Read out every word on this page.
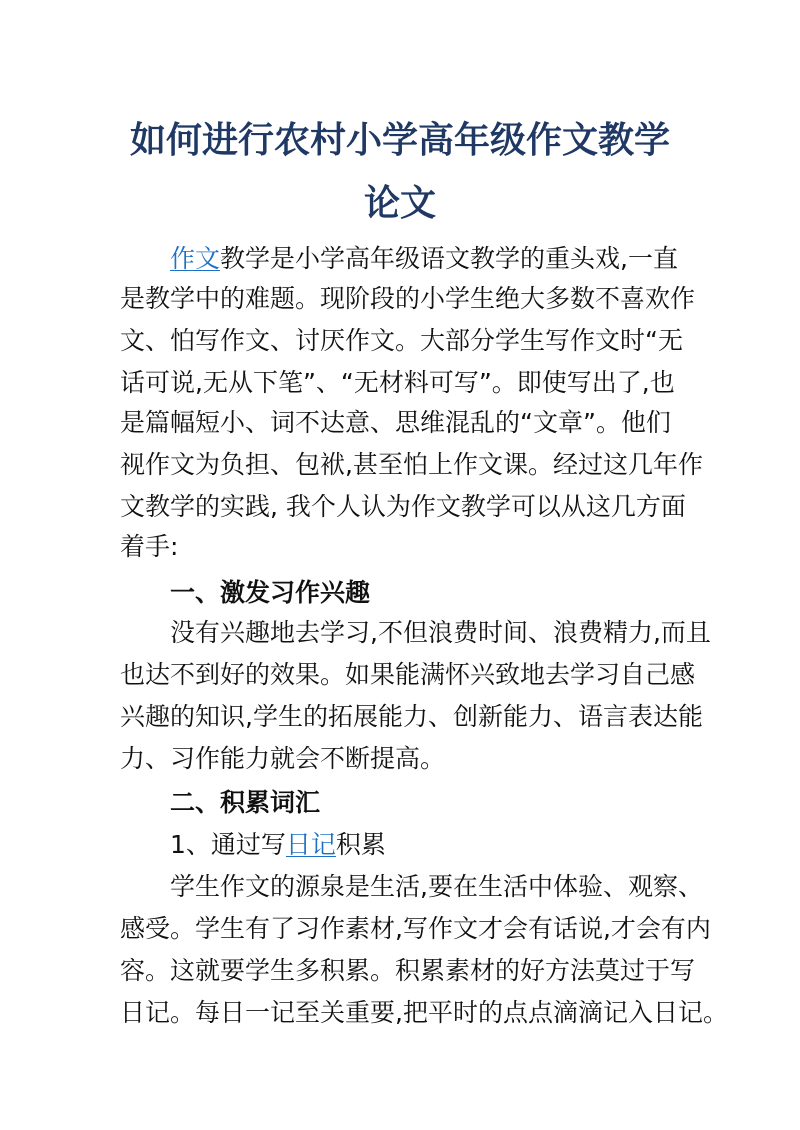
如何进行农村小学高年级作文教学
论文

作文教学是小学高年级语文教学的重头戏,一直

是教学中的难题。现阶段的小学生绝大多数不喜欢作

文、怕写作文、讨厌作文。大部分学生写作文时“无

话可说,无从下笔”、“无材料可写”。即使写出了,也

是篇幅短小、词不达意、思维混乱的“文章”。他们

视作文为负担、包袱,甚至怕上作文课。经过这几年作

文教学的实践, 我个人认为作文教学可以从这几方面

着手:

一、激发习作兴趣

没有兴趣地去学习,不但浪费时间、浪费精力,而且

也达不到好的效果。如果能满怀兴致地去学习自己感

兴趣的知识,学生的拓展能力、创新能力、语言表达能

力、习作能力就会不断提高。

二、积累词汇

1、通过写日记积累

学生作文的源泉是生活,要在生活中体验、观察、

感受。学生有了习作素材,写作文才会有话说,才会有内

容。这就要学生多积累。积累素材的好方法莫过于写

日记。每日一记至关重要,把平时的点点滴滴记入日记。
